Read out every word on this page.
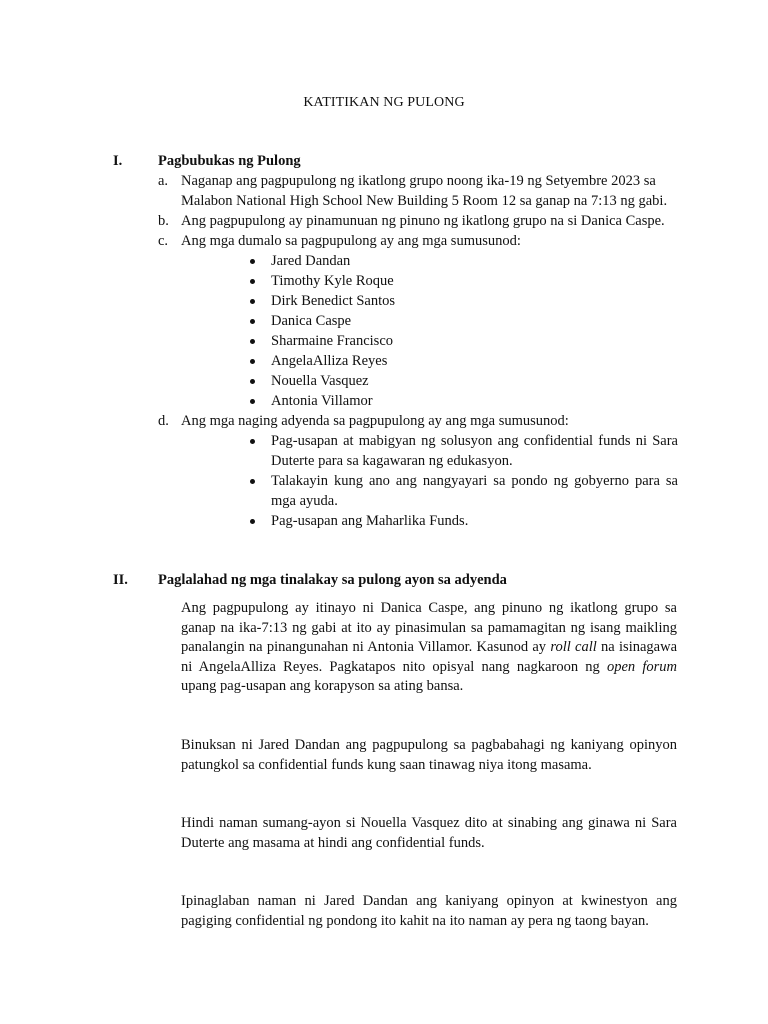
KATITIKAN NG PULONG
I.	Pagbubukas ng Pulong
a. Naganap ang pagpupulong ng ikatlong grupo noong ika-19 ng Setyembre 2023 sa Malabon National High School New Building 5 Room 12 sa ganap na 7:13 ng gabi.
b. Ang pagpupulong ay pinamunuan ng pinuno ng ikatlong grupo na si Danica Caspe.
c. Ang mga dumalo sa pagpupulong ay ang mga sumusunod:
Jared Dandan
Timothy Kyle Roque
Dirk Benedict Santos
Danica Caspe
Sharmaine Francisco
AngelaAlliza Reyes
Nouella Vasquez
Antonia Villamor
d. Ang mga naging adyenda sa pagpupulong ay ang mga sumusunod:
Pag-usapan at mabigyan ng solusyon ang confidential funds ni Sara Duterte para sa kagawaran ng edukasyon.
Talakayin kung ano ang nangyayari sa pondo ng gobyerno para sa mga ayuda.
Pag-usapan ang Maharlika Funds.
II.	Paglalahad ng mga tinalakay sa pulong ayon sa adyenda
Ang pagpupulong ay itinayo ni Danica Caspe, ang pinuno ng ikatlong grupo sa ganap na ika-7:13 ng gabi at ito ay pinasimulan sa pamamagitan ng isang maikling panalangin na pinangunahan ni Antonia Villamor. Kasunod ay roll call na isinagawa ni AngelaAlliza Reyes. Pagkatapos nito opisyal nang nagkaroon ng open forum upang pag-usapan ang korapyson sa ating bansa.
Binuksan ni Jared Dandan ang pagpupulong sa pagbabahagi ng kaniyang opinyon patungkol sa confidential funds kung saan tinawag niya itong masama.
Hindi naman sumang-ayon si Nouella Vasquez dito at sinabing ang ginawa ni Sara Duterte ang masama at hindi ang confidential funds.
Ipinaglaban naman ni Jared Dandan ang kaniyang opinyon at kwinestyon ang pagiging confidential ng pondong ito kahit na ito naman ay pera ng taong bayan.
